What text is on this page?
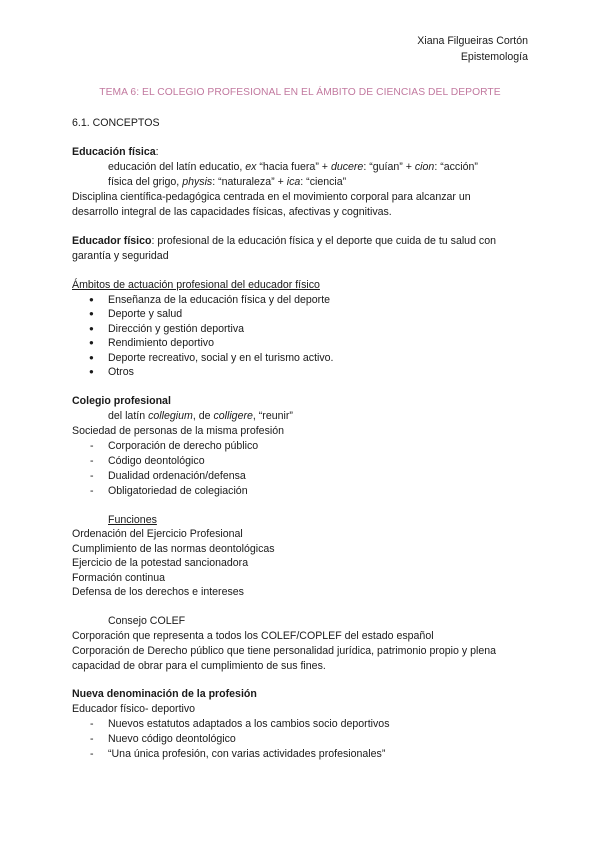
Xiana Filgueiras Cortón
Epistemología
TEMA 6: EL COLEGIO PROFESIONAL EN EL ÁMBITO DE CIENCIAS DEL DEPORTE
6.1. CONCEPTOS
Educación física:
educación del latín educatio, ex “hacia fuera” + ducere: “guían” + cion: “acción”
física del grigo, physis: “naturaleza” + ica: “ciencia”
Disciplina científica-pedagógica centrada en el movimiento corporal para alcanzar un
desarrollo integral de las capacidades físicas, afectivas y cognitivas.
Educador físico: profesional de la educación física y el deporte que cuida de tu salud con
garantía y seguridad
Ámbitos de actuación profesional del educador físico
● Enseñanza de la educación física y del deporte
● Deporte y salud
● Dirección y gestión deportiva
● Rendimiento deportivo
● Deporte recreativo, social y en el turismo activo.
● Otros
Colegio profesional
del latín collegium, de colligere, “reunir”
Sociedad de personas de la misma profesión
- Corporación de derecho público
- Código deontológico
- Dualidad ordenación/defensa
- Obligatoriedad de colegiación
Funciones
Ordenación del Ejercicio Profesional
Cumplimiento de las normas deontológicas
Ejercicio de la potestad sancionadora
Formación continua
Defensa de los derechos e intereses
Consejo COLEF
Corporación que representa a todos los COLEF/COPLEF del estado español
Corporación de Derecho público que tiene personalidad jurídica, patrimonio propio y plena
capacidad de obrar para el cumplimiento de sus fines.
Nueva denominación de la profesión
Educador físico- deportivo
- Nuevos estatutos adaptados a los cambios socio deportivos
- Nuevo código deontológico
- “Una única profesión, con varias actividades profesionales”
